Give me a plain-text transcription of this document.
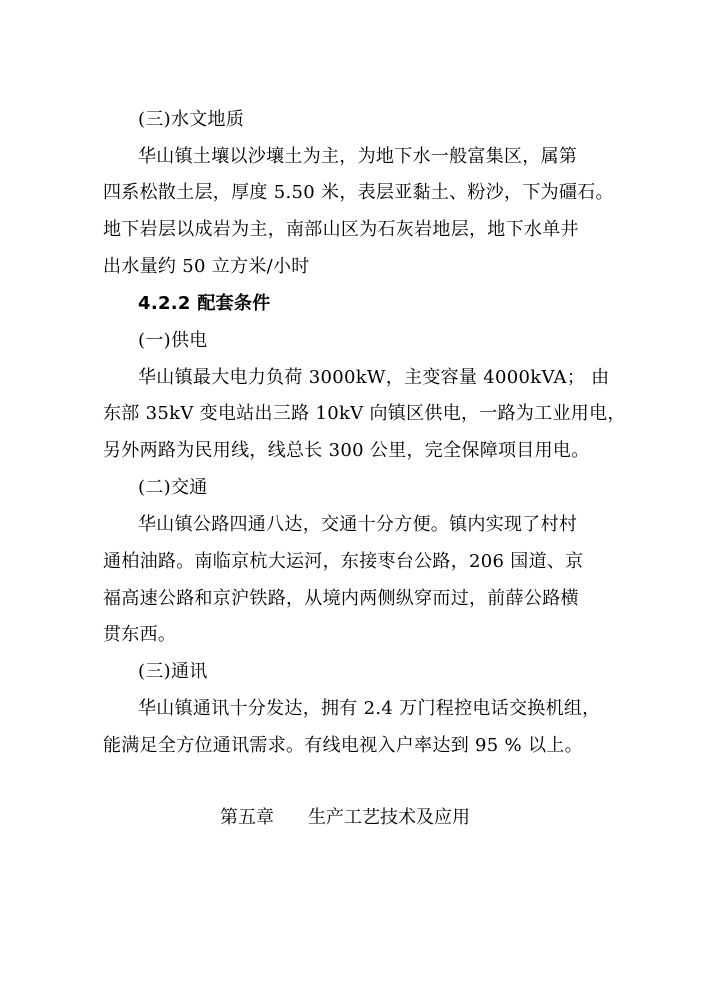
(三)水文地质
华山镇土壤以沙壤土为主，为地下水一般富集区，属第
四系松散土层，厚度 5.50 米，表层亚黏土、粉沙，下为礓石。
地下岩层以成岩为主，南部山区为石灰岩地层，地下水单井
出水量约 50 立方米/小时
4.2.2 配套条件
(一)供电
华山镇最大电力负荷 3000kW，主变容量 4000kVA； 由
东部 35kV 变电站出三路 10kV 向镇区供电，一路为工业用电，
另外两路为民用线，线总长 300 公里，完全保障项目用电。
(二)交通
华山镇公路四通八达，交通十分方便。镇内实现了村村
通柏油路。南临京杭大运河，东接枣台公路，206 国道、京
福高速公路和京沪铁路，从境内两侧纵穿而过，前薛公路横
贯东西。
(三)通讯
华山镇通讯十分发达，拥有 2.4 万门程控电话交换机组，
能满足全方位通讯需求。有线电视入户率达到 95 % 以上。
第五章 生产工艺技术及应用
